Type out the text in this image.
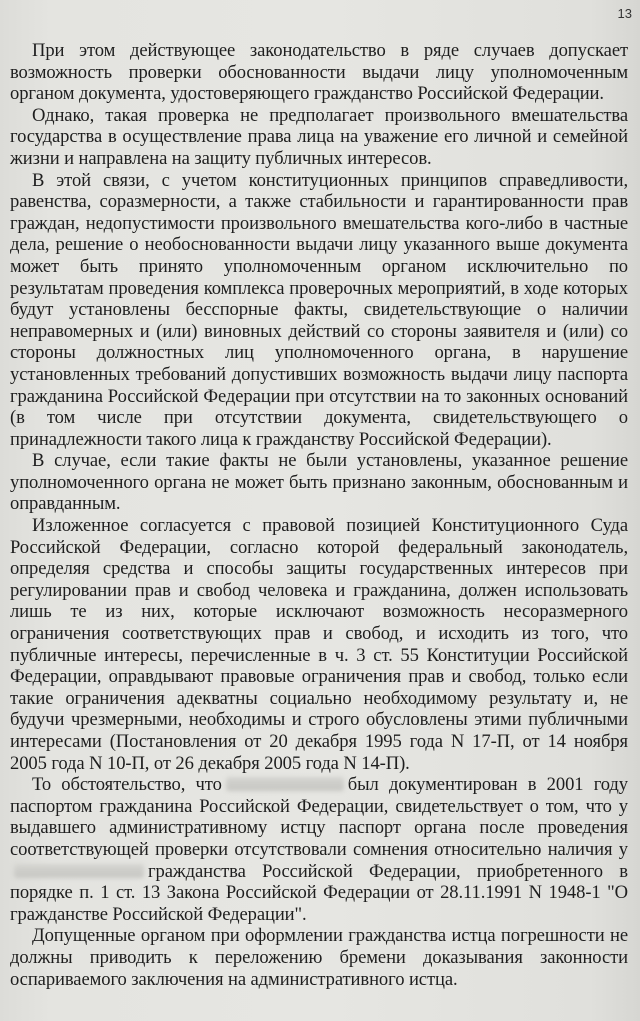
13

При этом действующее законодательство в ряде случаев допускает возможность проверки обоснованности выдачи лицу уполномоченным органом документа, удостоверяющего гражданство Российской Федерации.

Однако, такая проверка не предполагает произвольного вмешательства государства в осуществление права лица на уважение его личной и семейной жизни и направлена на защиту публичных интересов.

В этой связи, с учетом конституционных принципов справедливости, равенства, соразмерности, а также стабильности и гарантированности прав граждан, недопустимости произвольного вмешательства кого-либо в частные дела, решение о необоснованности выдачи лицу указанного выше документа может быть принято уполномоченным органом исключительно по результатам проведения комплекса проверочных мероприятий, в ходе которых будут установлены бесспорные факты, свидетельствующие о наличии неправомерных и (или) виновных действий со стороны заявителя и (или) со стороны должностных лиц уполномоченного органа, в нарушение установленных требований допустивших возможность выдачи лицу паспорта гражданина Российской Федерации при отсутствии на то законных оснований (в том числе при отсутствии документа, свидетельствующего о принадлежности такого лица к гражданству Российской Федерации).

В случае, если такие факты не были установлены, указанное решение уполномоченного органа не может быть признано законным, обоснованным и оправданным.

Изложенное согласуется с правовой позицией Конституционного Суда Российской Федерации, согласно которой федеральный законодатель, определяя средства и способы защиты государственных интересов при регулировании прав и свобод человека и гражданина, должен использовать лишь те из них, которые исключают возможность несоразмерного ограничения соответствующих прав и свобод, и исходить из того, что публичные интересы, перечисленные в ч. 3 ст. 55 Конституции Российской Федерации, оправдывают правовые ограничения прав и свобод, только если такие ограничения адекватны социально необходимому результату и, не будучи чрезмерными, необходимы и строго обусловлены этими публичными интересами (Постановления от 20 декабря 1995 года N 17-П, от 14 ноября 2005 года N 10-П, от 26 декабря 2005 года N 14-П).

То обстоятельство, что	был документирован в 2001 году паспортом гражданина Российской Федерации, свидетельствует о том, что у выдавшего административному истцу паспорт органа после проведения соответствующей проверки отсутствовали сомнения относительно наличия угражданства Российской Федерации, приобретенного в порядке п. 1 ст. 13 Закона Российской Федерации от 28.11.1991 N 1948-1 "О гражданстве Российской Федерации".

Допущенные органом при оформлении гражданства истца погрешности не должны приводить к переложению бремени доказывания законности оспариваемого заключения на административного истца.
